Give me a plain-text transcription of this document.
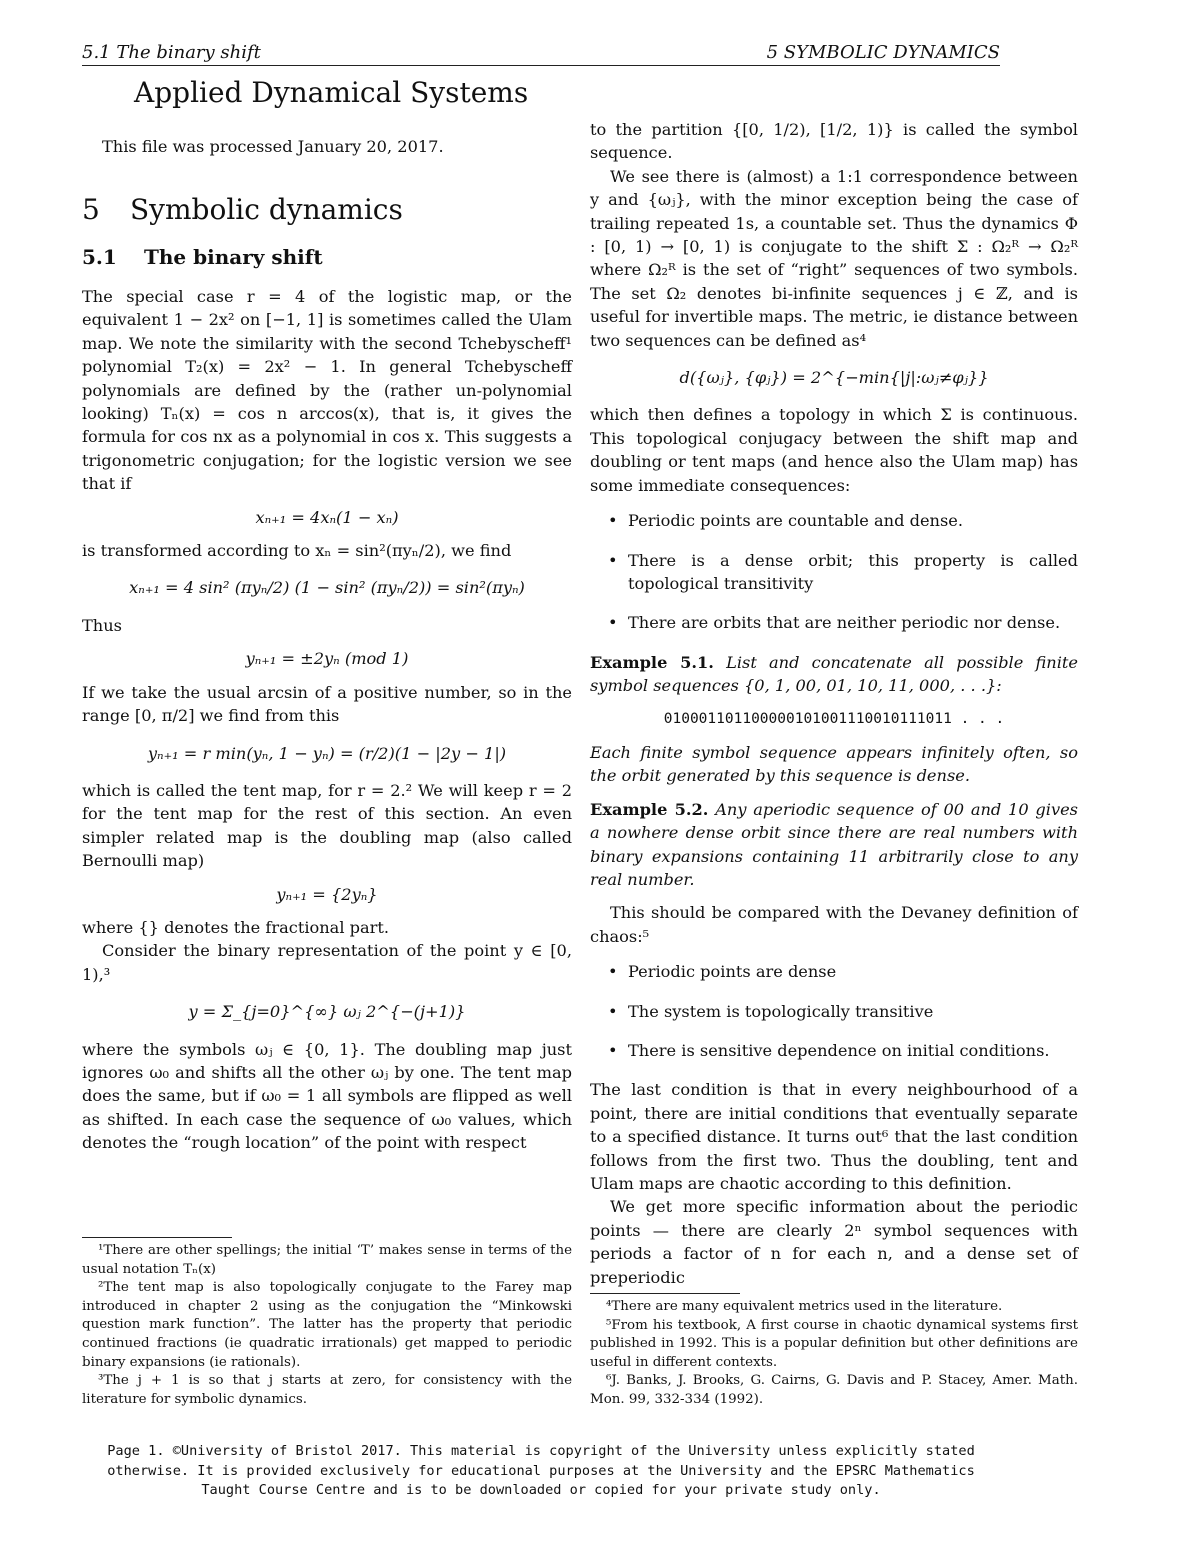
5.1 The binary shift	5 SYMBOLIC DYNAMICS
Applied Dynamical Systems
This file was processed January 20, 2017.
5 Symbolic dynamics
5.1 The binary shift

The special case r = 4 of the logistic map, or the equivalent 1 − 2x² on [−1, 1] is sometimes called the Ulam map. We note the similarity with the second Tchebyscheff¹ polynomial T₂(x) = 2x² − 1. In general Tchebyscheff polynomials are defined by the (rather un-polynomial looking) Tₙ(x) = cos n arccos(x), that is, it gives the formula for cos nx as a polynomial in cos x. This suggests a trigonometric conjugation; for the logistic version we see that if

xₙ₊₁ = 4xₙ(1 − xₙ)

is transformed according to xₙ = sin²(πyₙ/2), we find

xₙ₊₁ = 4 sin² (πyₙ/2) (1 − sin² (πyₙ/2)) = sin²(πyₙ)

Thus

yₙ₊₁ = ±2yₙ (mod 1)

If we take the usual arcsin of a positive number, so in the range [0, π/2] we find from this

yₙ₊₁ = r min(yₙ, 1 − yₙ) = (r/2)(1 − |2y − 1|)

which is called the tent map, for r = 2.² We will keep r = 2 for the tent map for the rest of this section. An even simpler related map is the doubling map (also called Bernoulli map)

yₙ₊₁ = {2yₙ}

where {} denotes the fractional part.

Consider the binary representation of the point y ∈ [0, 1),³

y = Σ_{j=0}^{∞} ωⱼ 2^{−(j+1)}

where the symbols ωⱼ ∈ {0, 1}. The doubling map just ignores ω₀ and shifts all the other ωⱼ by one. The tent map does the same, but if ω₀ = 1 all symbols are flipped as well as shifted. In each case the sequence of ω₀ values, which denotes the “rough location” of the point with respect

¹There are other spellings; the initial ‘T’ makes sense in terms of the usual notation Tₙ(x)

²The tent map is also topologically conjugate to the Farey map introduced in chapter 2 using as the conjugation the “Minkowski question mark function”. The latter has the property that periodic continued fractions (ie quadratic irrationals) get mapped to periodic binary expansions (ie rationals).

³The j + 1 is so that j starts at zero, for consistency with the literature for symbolic dynamics.

to the partition {[0, 1/2), [1/2, 1)} is called the symbol sequence.

We see there is (almost) a 1:1 correspondence between y and {ωⱼ}, with the minor exception being the case of trailing repeated 1s, a countable set. Thus the dynamics Φ : [0, 1) → [0, 1) is conjugate to the shift Σ : Ω₂ᴿ → Ω₂ᴿ where Ω₂ᴿ is the set of “right” sequences of two symbols. The set Ω₂ denotes bi-infinite sequences j ∈ ℤ, and is useful for invertible maps. The metric, ie distance between two sequences can be defined as⁴

d({ωⱼ}, {φⱼ}) = 2^{−min{|j|:ωⱼ≠φⱼ}}

which then defines a topology in which Σ is continuous. This topological conjugacy between the shift map and doubling or tent maps (and hence also the Ulam map) has some immediate consequences:

• Periodic points are countable and dense.
• There is a dense orbit; this property is called topological transitivity
• There are orbits that are neither periodic nor dense.
Example 5.1. List and concatenate all possible finite symbol sequences {0, 1, 00, 01, 10, 11, 000, . . .}:
010001101100000101001110010111011 . . .

Each finite symbol sequence appears infinitely often, so the orbit generated by this sequence is dense.

Example 5.2. Any aperiodic sequence of 00 and 10 gives a nowhere dense orbit since there are real numbers with binary expansions containing 11 arbitrarily close to any real number.

This should be compared with the Devaney definition of chaos:⁵

• Periodic points are dense
• The system is topologically transitive
• There is sensitive dependence on initial conditions.

The last condition is that in every neighbourhood of a point, there are initial conditions that eventually separate to a specified distance. It turns out⁶ that the last condition follows from the first two. Thus the doubling, tent and Ulam maps are chaotic according to this definition.

We get more specific information about the periodic points — there are clearly 2ⁿ symbol sequences with periods a factor of n for each n, and a dense set of preperiodic

⁴There are many equivalent metrics used in the literature.

⁵From his textbook, A first course in chaotic dynamical systems first published in 1992. This is a popular definition but other definitions are useful in different contexts.

⁶J. Banks, J. Brooks, G. Cairns, G. Davis and P. Stacey, Amer. Math. Mon. 99, 332-334 (1992).

Page 1. ©University of Bristol 2017. This material is copyright of the University unless explicitly stated otherwise. It is provided exclusively for educational purposes at the University and the EPSRC Mathematics Taught Course Centre and is to be downloaded or copied for your private study only.
